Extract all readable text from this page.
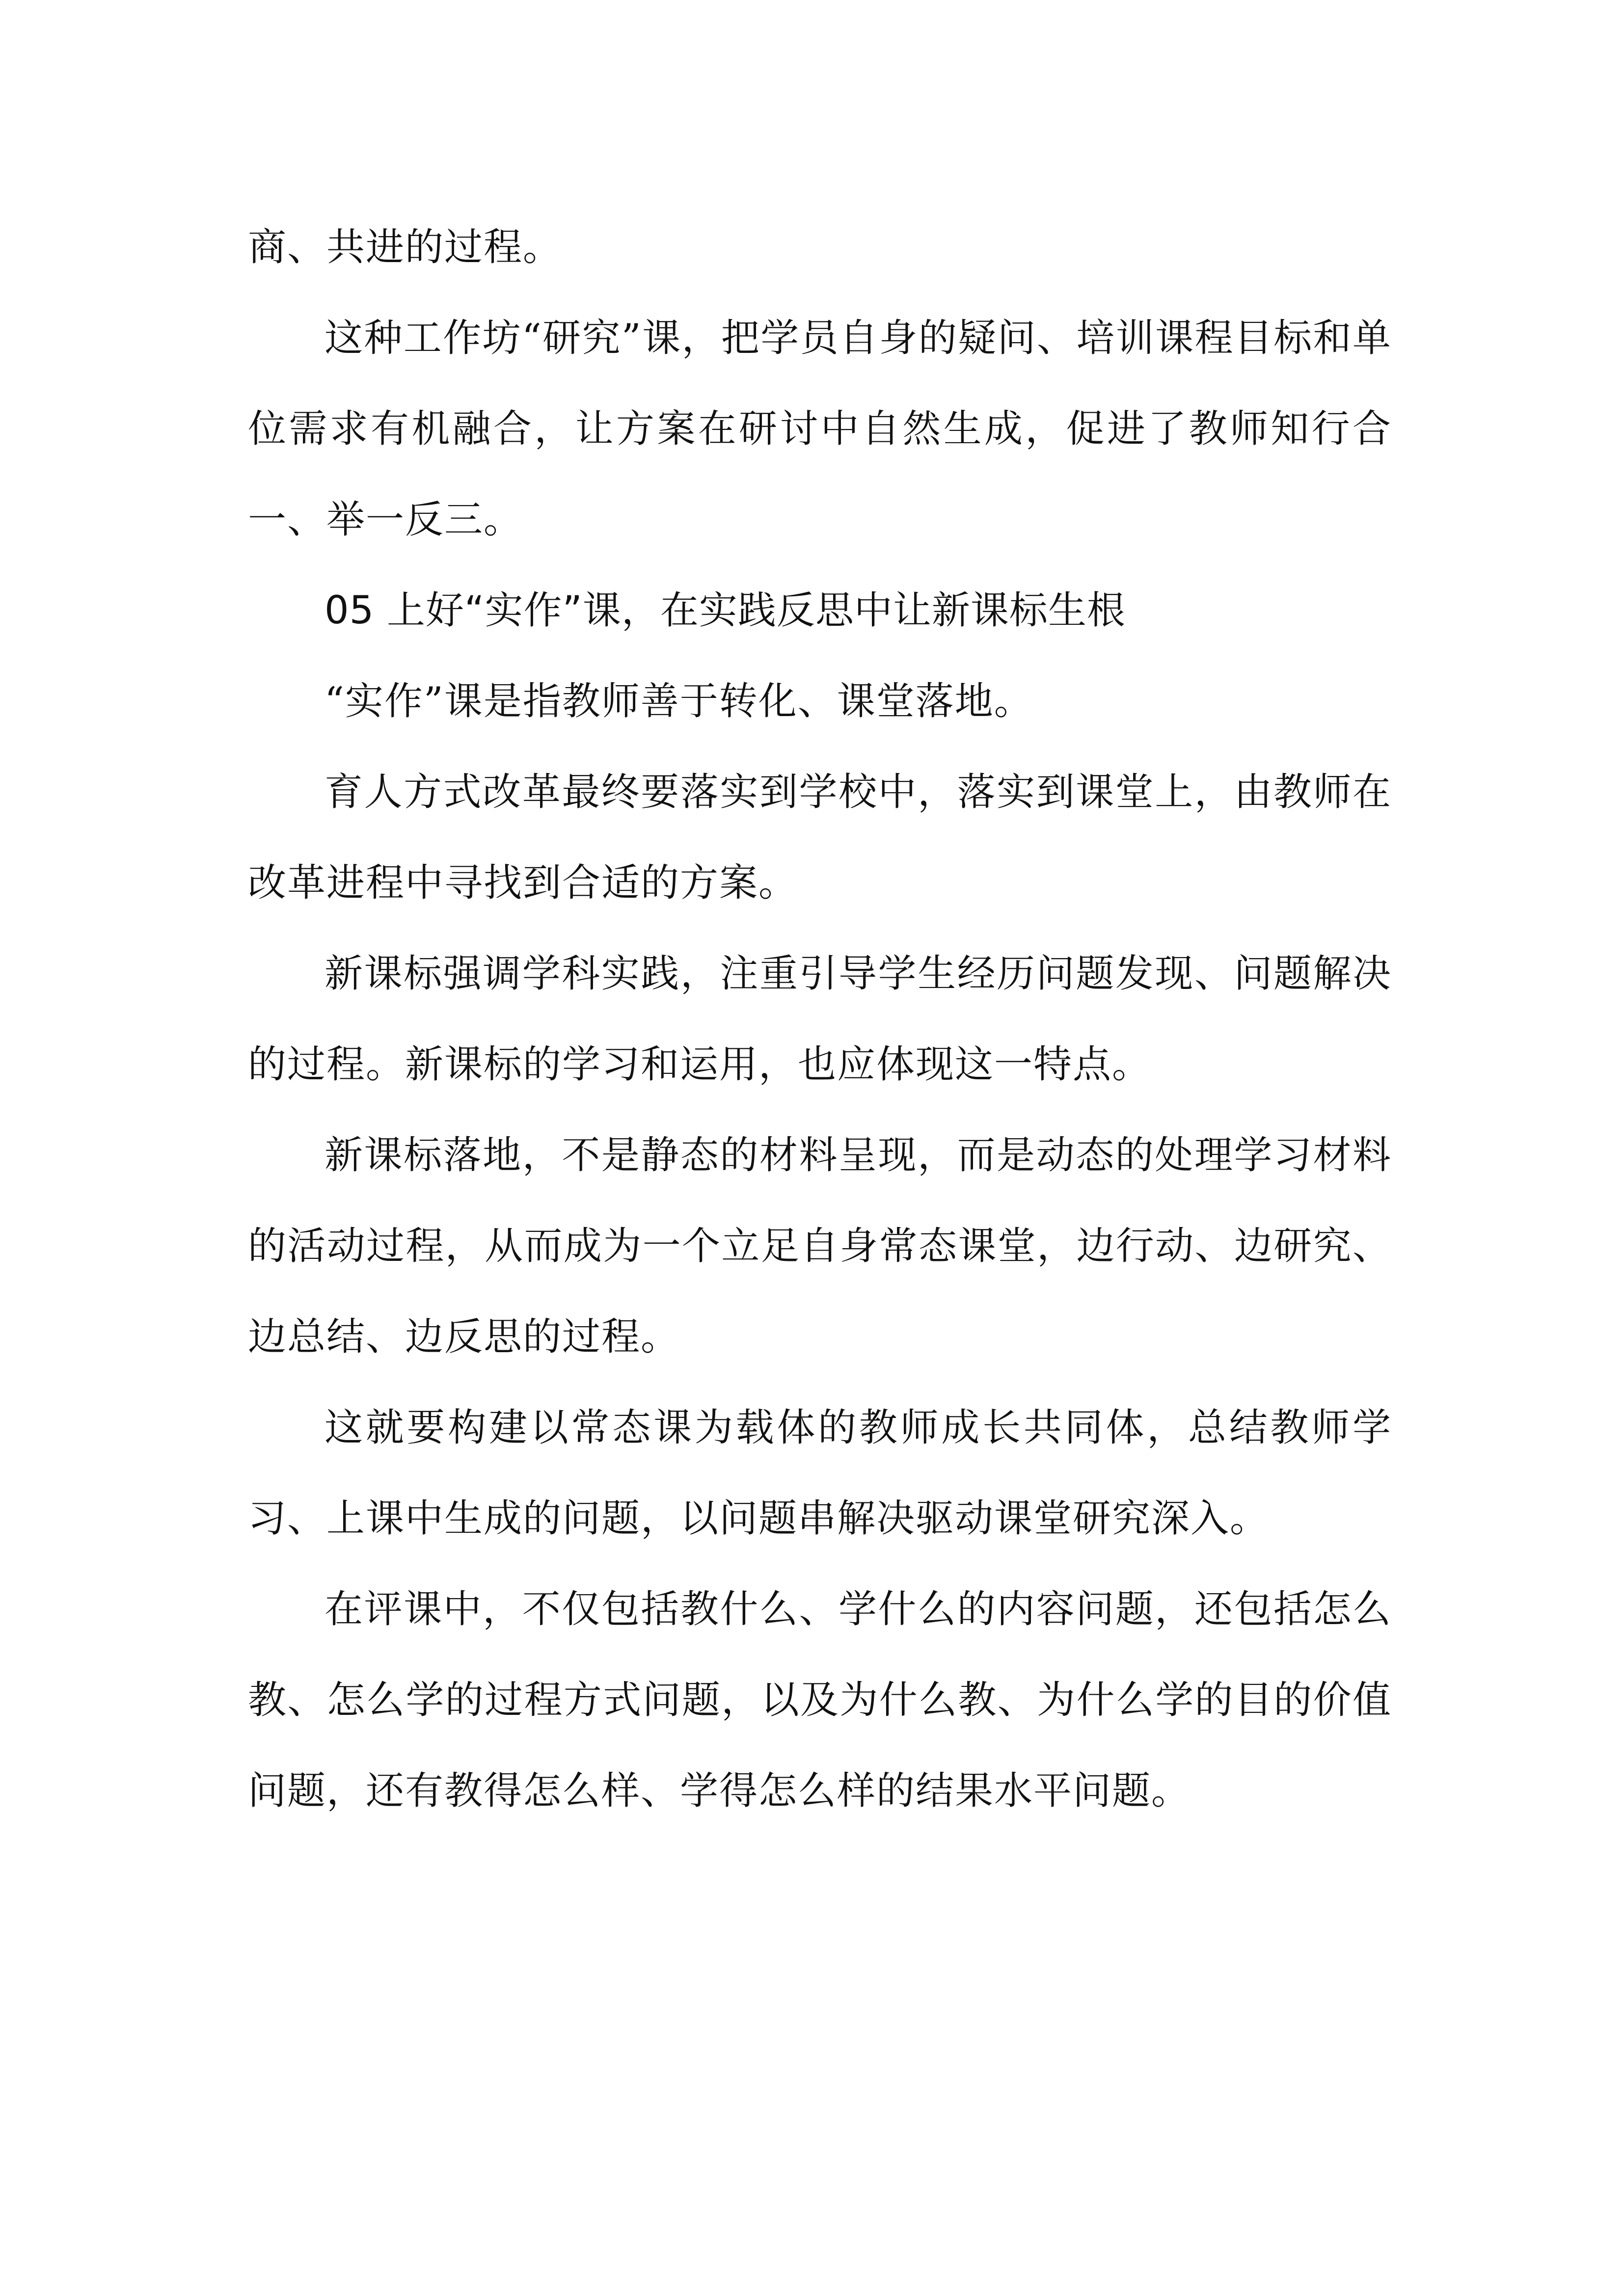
商、共进的过程。

这种工作坊“研究”课，把学员自身的疑问、培训课程目标和单位需求有机融合，让方案在研讨中自然生成，促进了教师知行合一、举一反三。

05 上好“实作”课，在实践反思中让新课标生根

“实作”课是指教师善于转化、课堂落地。

育人方式改革最终要落实到学校中，落实到课堂上，由教师在改革进程中寻找到合适的方案。

新课标强调学科实践，注重引导学生经历问题发现、问题解决的过程。新课标的学习和运用，也应体现这一特点。

新课标落地，不是静态的材料呈现，而是动态的处理学习材料的活动过程，从而成为一个立足自身常态课堂，边行动、边研究、边总结、边反思的过程。

这就要构建以常态课为载体的教师成长共同体，总结教师学习、上课中生成的问题，以问题串解决驱动课堂研究深入。

在评课中，不仅包括教什么、学什么的内容问题，还包括怎么教、怎么学的过程方式问题，以及为什么教、为什么学的目的价值问题，还有教得怎么样、学得怎么样的结果水平问题。
